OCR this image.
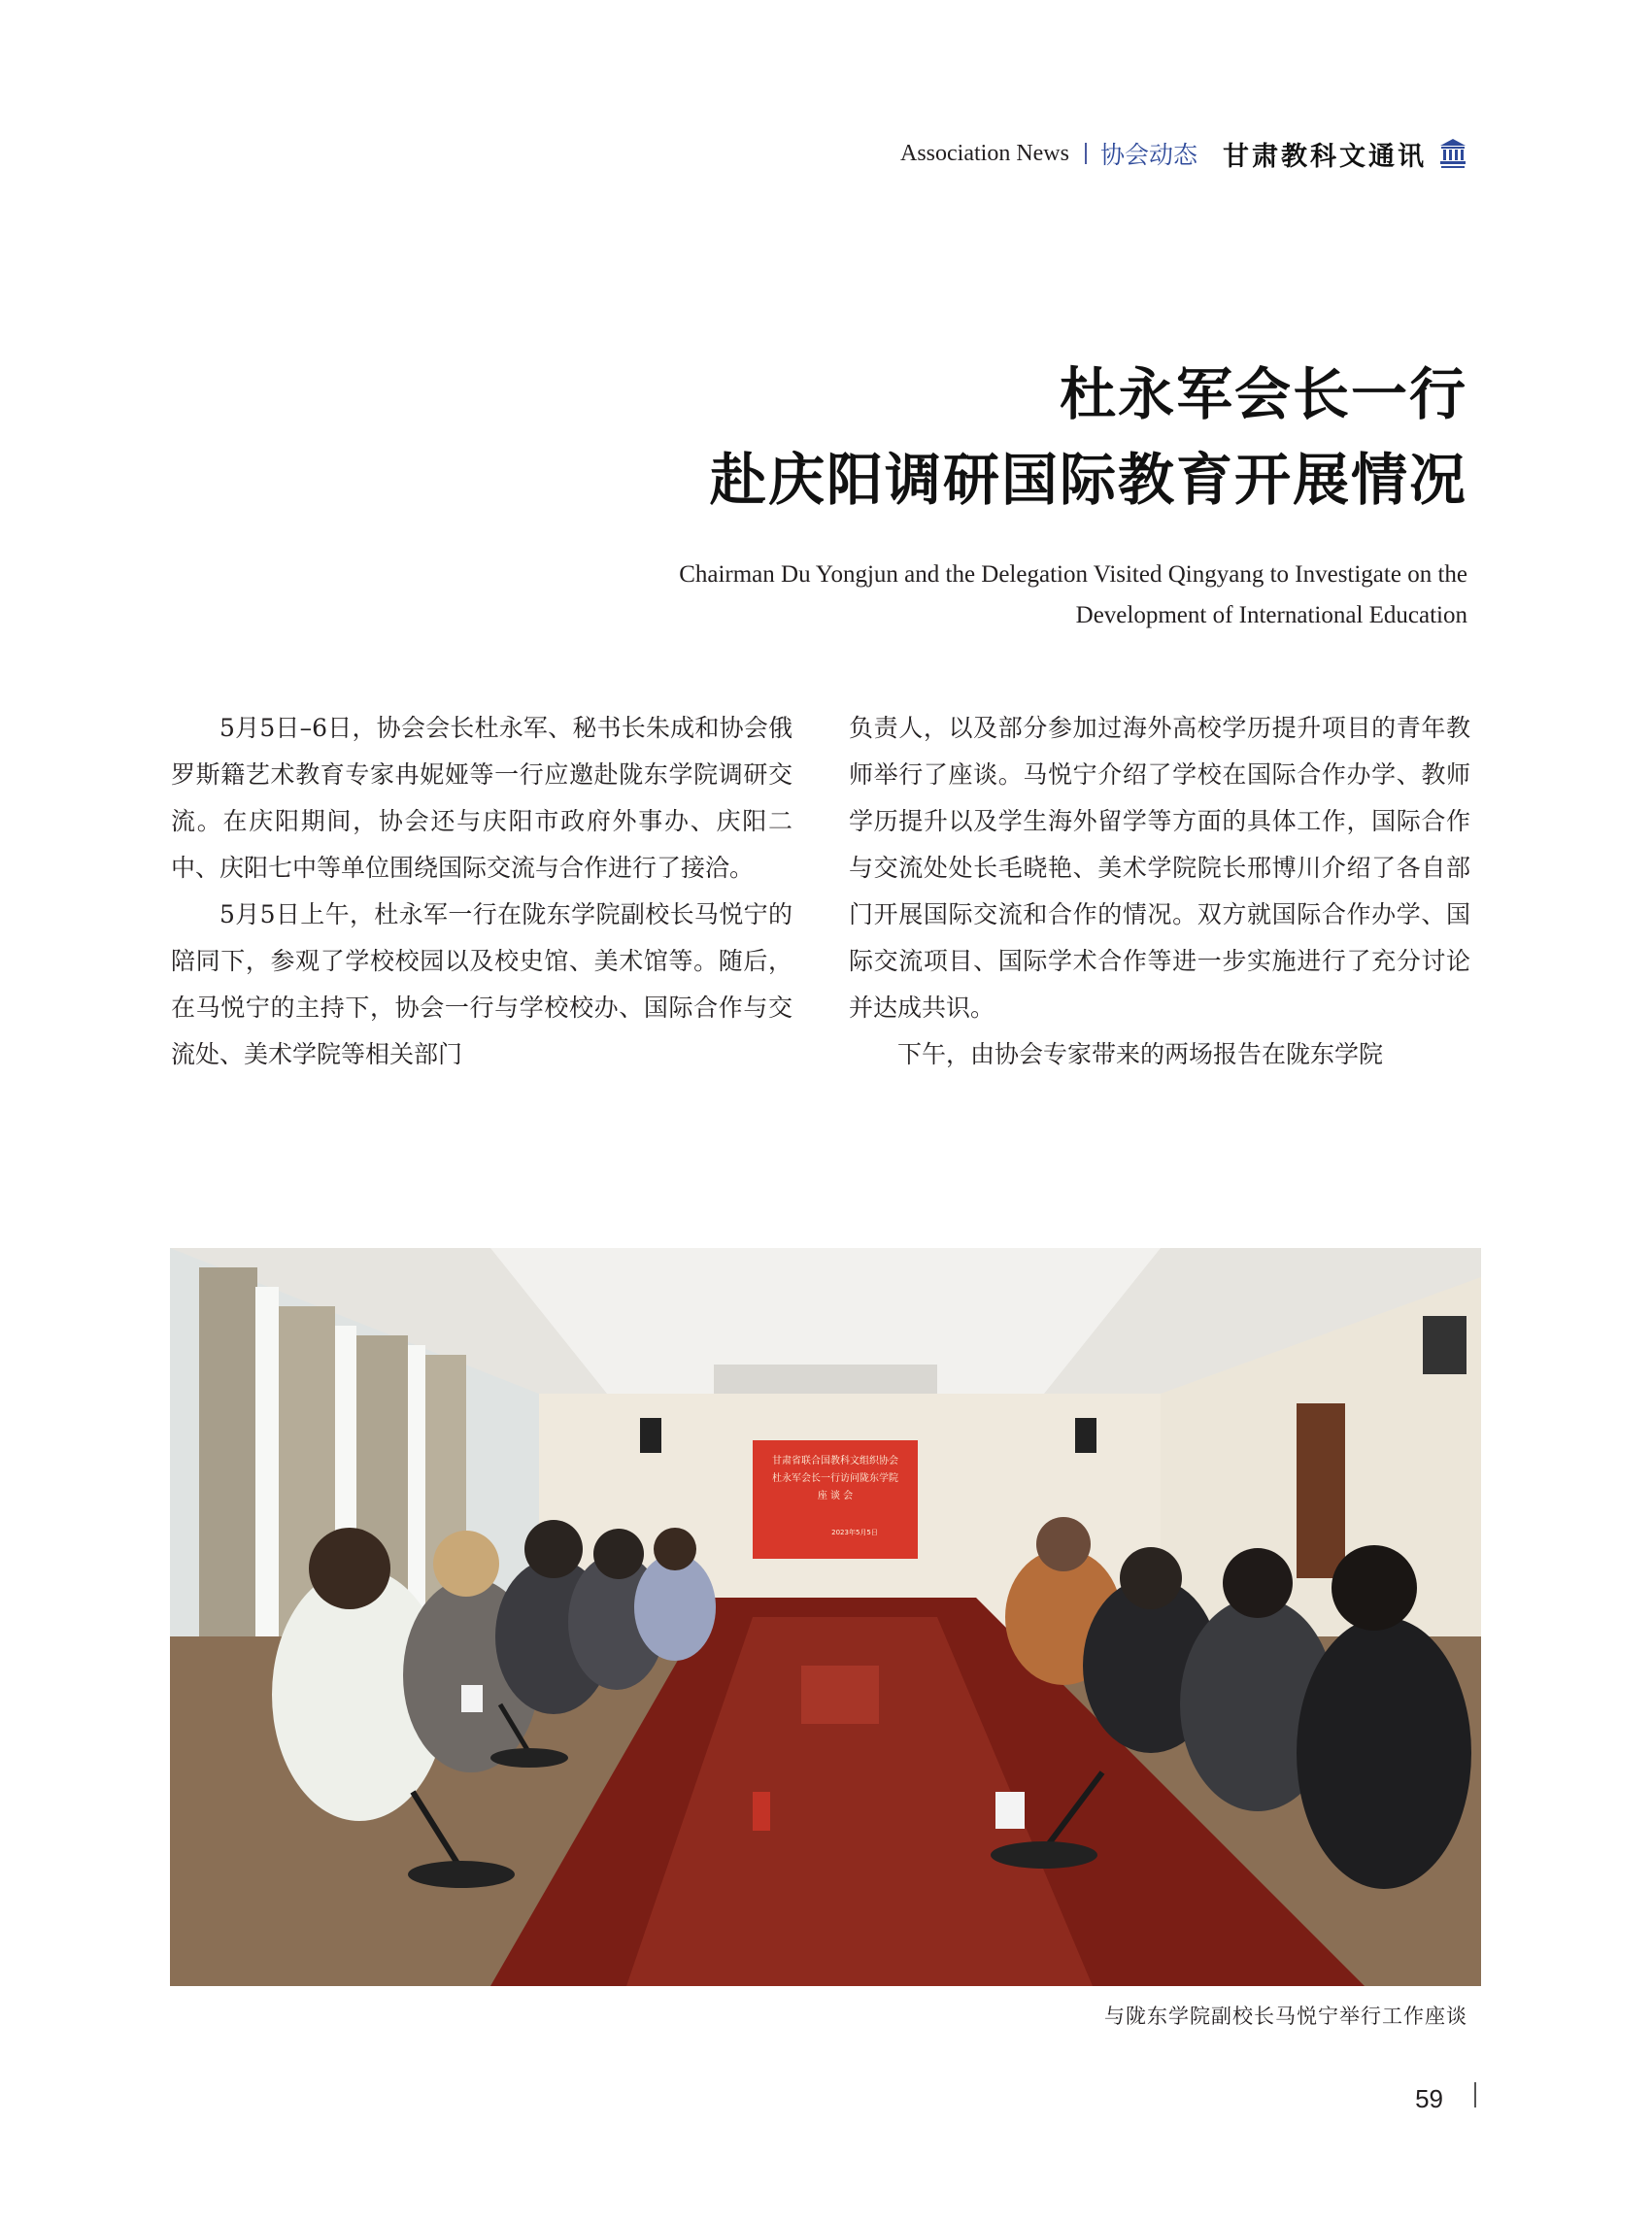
Association News 协会动态 甘肃教科文通讯
杜永军会长一行
赴庆阳调研国际教育开展情况
Chairman Du Yongjun and the Delegation Visited Qingyang to Investigate on the
Development of International Education

5月5日–6日，协会会长杜永军、秘书长朱成和协会俄罗斯籍艺术教育专家冉妮娅等一行应邀赴陇东学院调研交流。在庆阳期间，协会还与庆阳市政府外事办、庆阳二中、庆阳七中等单位围绕国际交流与合作进行了接洽。

5月5日上午，杜永军一行在陇东学院副校长马悦宁的陪同下，参观了学校校园以及校史馆、美术馆等。随后，在马悦宁的主持下，协会一行与学校校办、国际合作与交流处、美术学院等相关部门

负责人，以及部分参加过海外高校学历提升项目的青年教师举行了座谈。马悦宁介绍了学校在国际合作办学、教师学历提升以及学生海外留学等方面的具体工作，国际合作与交流处处长毛晓艳、美术学院院长邢博川介绍了各自部门开展国际交流和合作的情况。双方就国际合作办学、国际交流项目、国际学术合作等进一步实施进行了充分讨论并达成共识。

下午，由协会专家带来的两场报告在陇东学院

甘肃省联合国教科文组织协会
杜永军会长一行访问陇东学院
座 谈 会
2023年5月5日
与陇东学院副校长马悦宁举行工作座谈
59
